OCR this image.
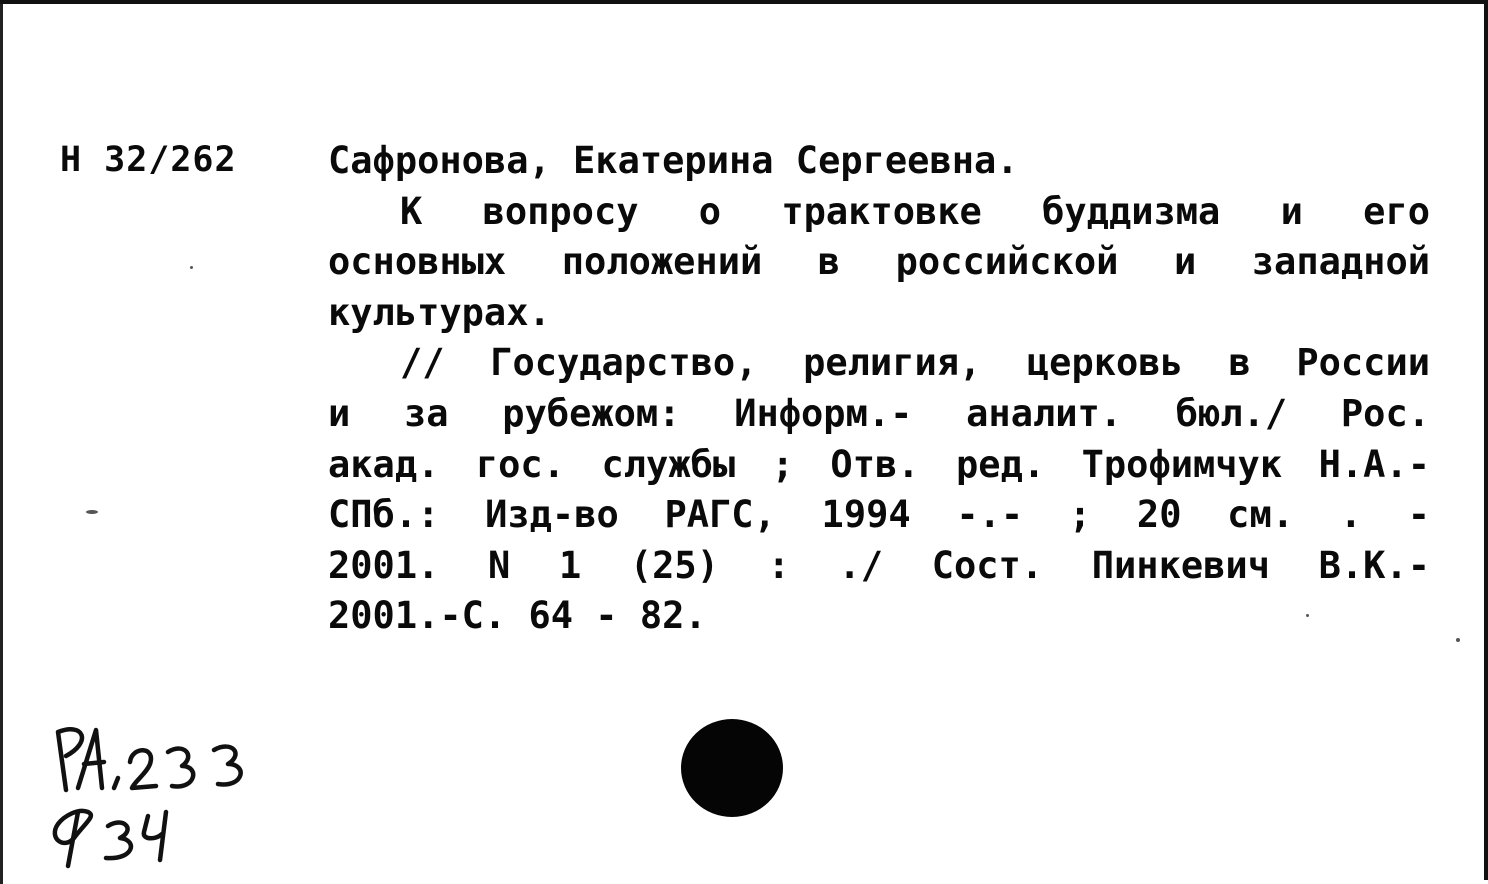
Н 32/262 Сафронова, Екатерина Сергеевна.
К вопросу о трактовке буддизма и его
основных положений в российской и западной
культурах.
// Государство, религия, церковь в России
и за рубежом: Информ.- аналит. бюл./ Рос.
акад. гос. службы ; Отв. ред. Трофимчук Н.А.-
СПб.: Изд-во РАГС, 1994 -.- ; 20 см. . -
2001. N 1 (25) : ./ Сост. Пинкевич В.К.-
2001.-С. 64 - 82.
